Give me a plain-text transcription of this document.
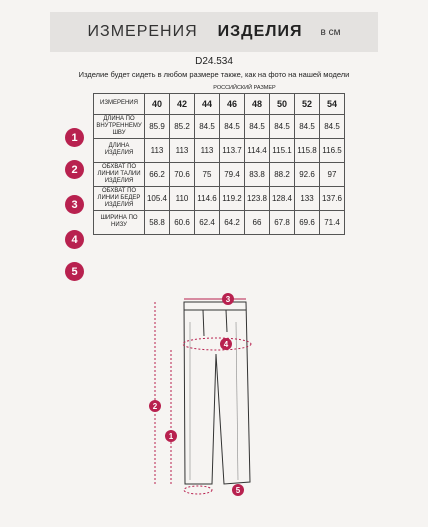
ИЗМЕРЕНИЯ ИЗДЕЛИЯ в см
D24.534
Изделие будет сидеть в любом размере также, как на фото на нашей модели
	РОССИЙСКИЙ РАЗМЕР							
ИЗМЕРЕНИЯ	40	42	44	46	48	50	52	54
ДЛИНА ПО ВНУТРЕННЕМУ ШВУ	85.9	85.2	84.5	84.5	84.5	84.5	84.5	84.5
ДЛИНА ИЗДЕЛИЯ	113	113	113	113.7	114.4	115.1	115.8	116.5
ОБХВАТ ПО ЛИНИИ ТАЛИИ ИЗДЕЛИЯ	66.2	70.6	75	79.4	83.8	88.2	92.6	97
ОБХВАТ ПО ЛИНИИ БЕДЕР ИЗДЕЛИЯ	105.4	110	114.6	119.2	123.8	128.4	133	137.6
ШИРИНА ПО НИЗУ	58.8	60.6	62.4	64.2	66	67.8	69.6	71.4
1
2
3
4
5
3
4
2
1
5
